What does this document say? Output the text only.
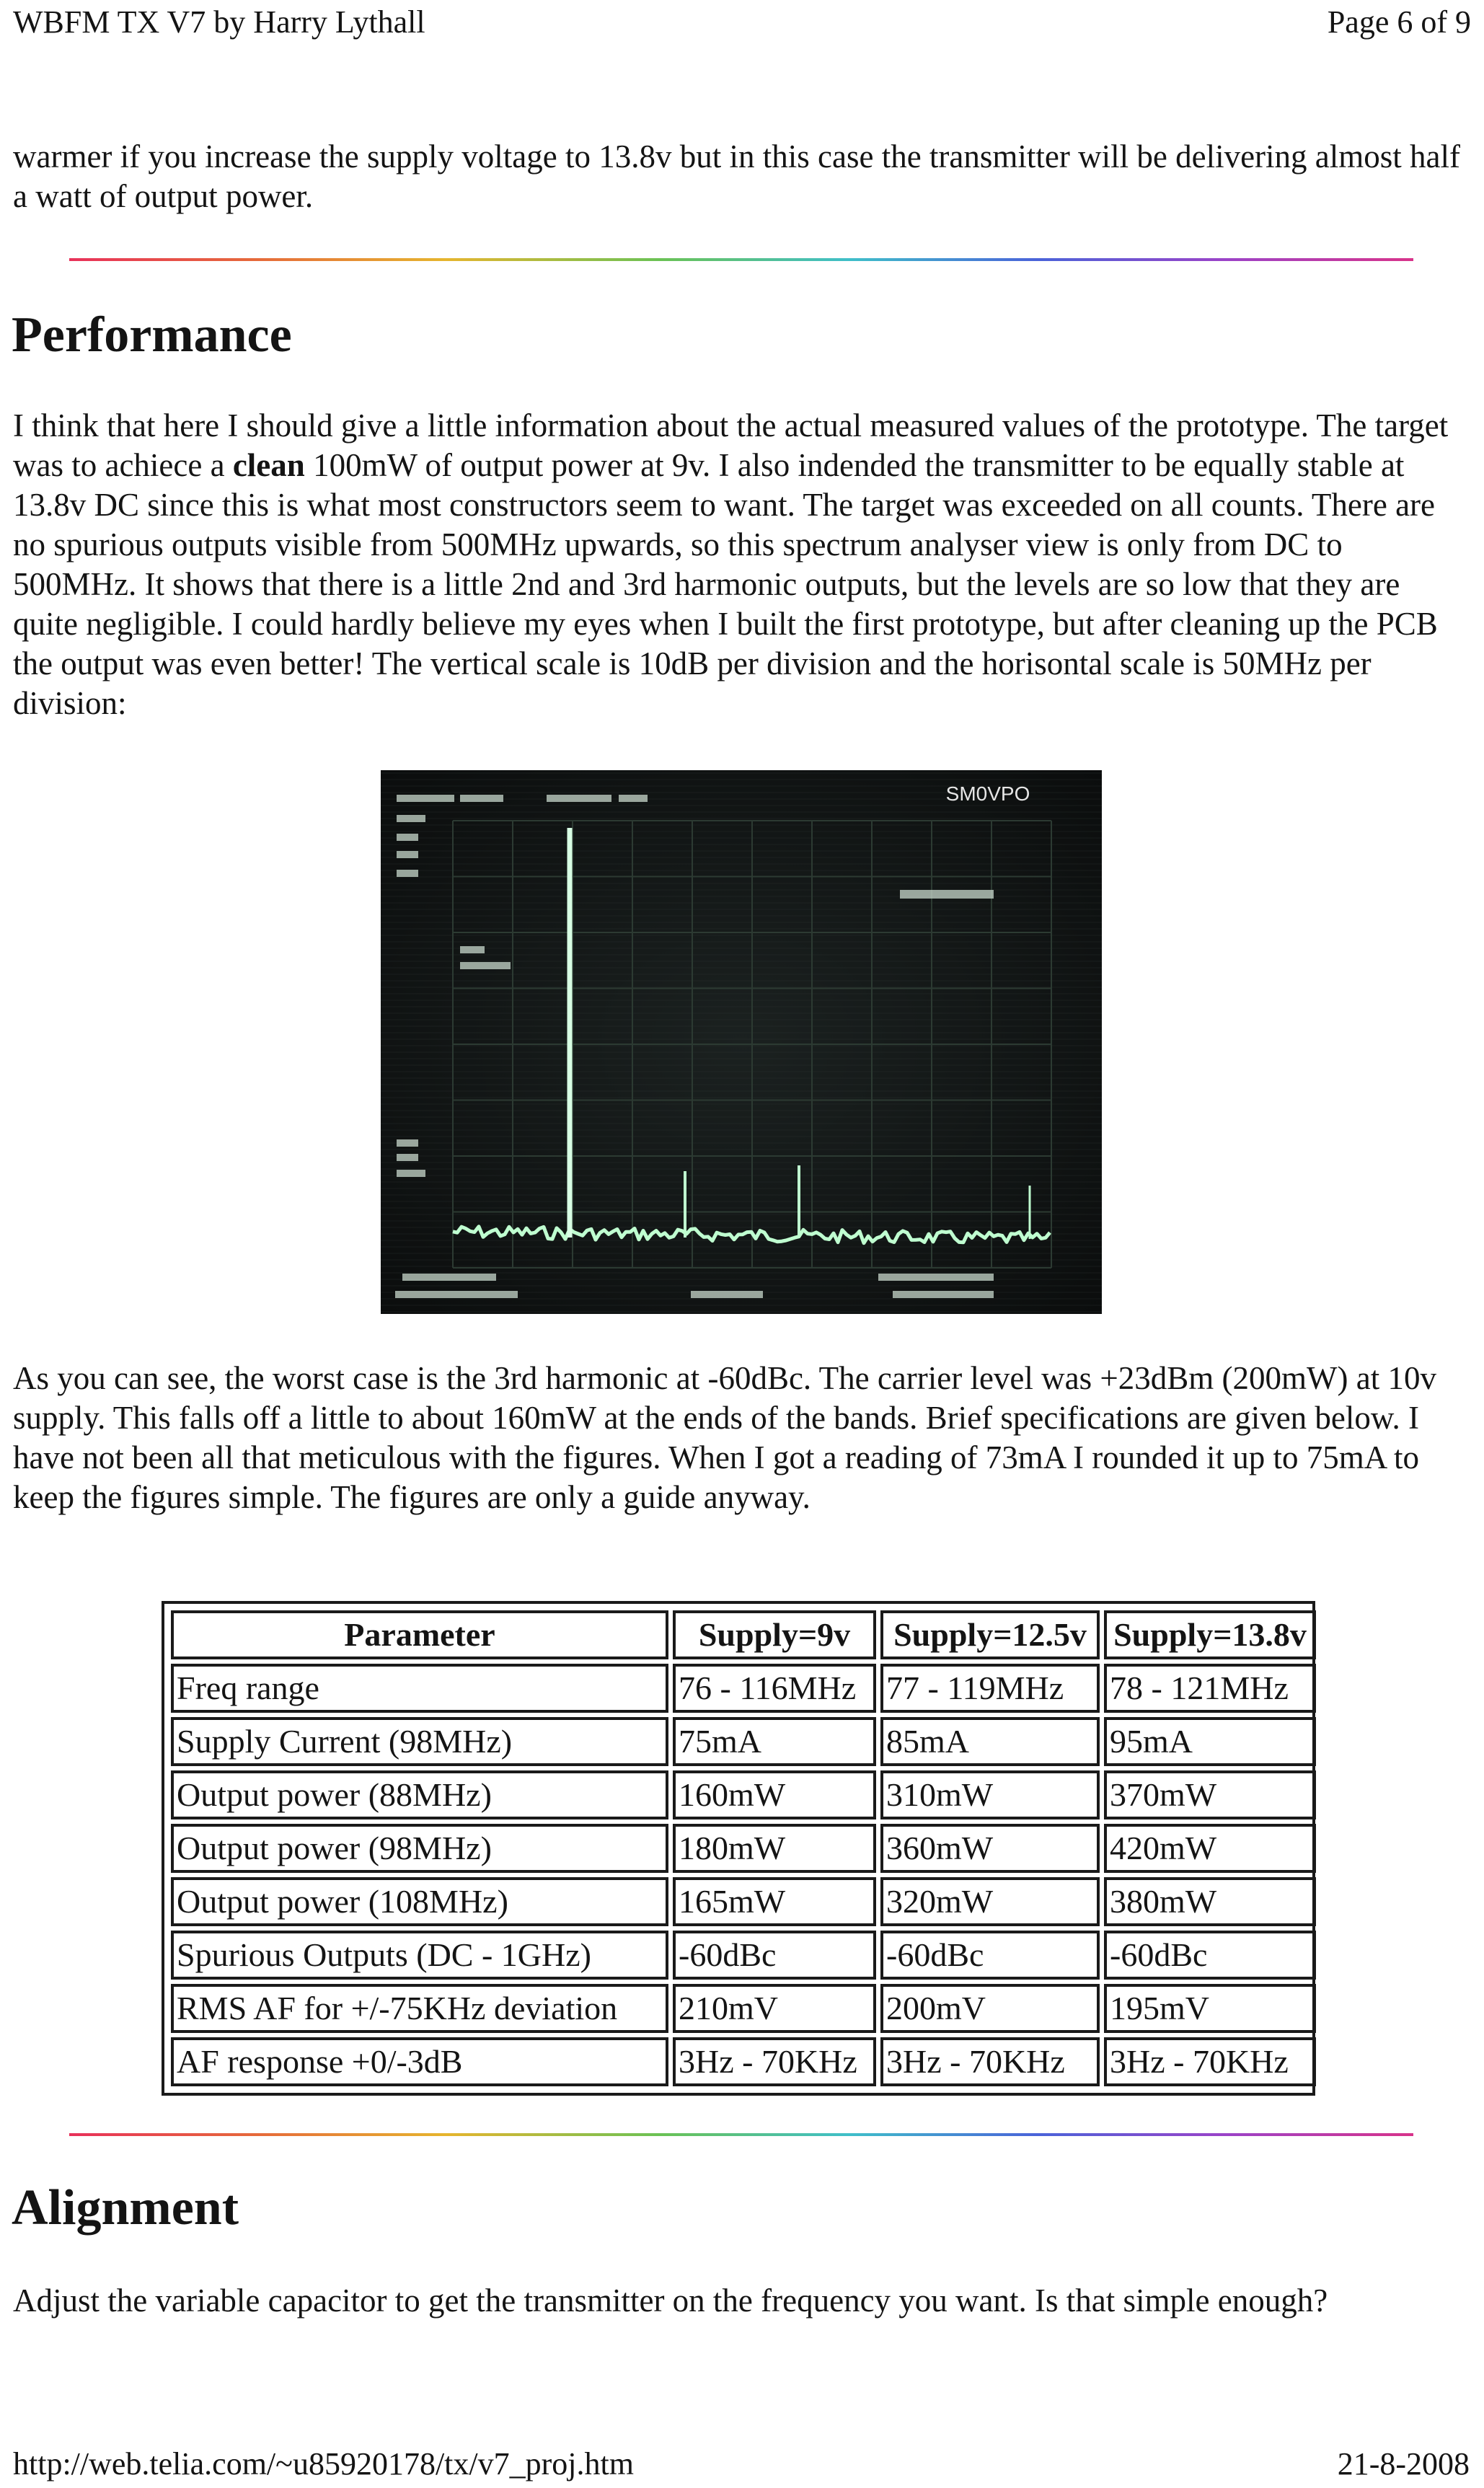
WBFM TX V7 by Harry Lythall	Page 6 of 9

warmer if you increase the supply voltage to 13.8v but in this case the transmitter will be delivering almost half a watt of output power.

Performance

I think that here I should give a little information about the actual measured values of the prototype. The target was to achiece a clean 100mW of output power at 9v. I also indended the transmitter to be equally stable at 13.8v DC since this is what most constructors seem to want. The target was exceeded on all counts. There are no spurious outputs visible from 500MHz upwards, so this spectrum analyser view is only from DC to 500MHz. It shows that there is a little 2nd and 3rd harmonic outputs, but the levels are so low that they are quite negligible. I could hardly believe my eyes when I built the first prototype, but after cleaning up the PCB the output was even better! The vertical scale is 10dB per division and the horisontal scale is 50MHz per division:

SM0VPO

As you can see, the worst case is the 3rd harmonic at -60dBc. The carrier level was +23dBm (200mW) at 10v supply. This falls off a little to about 160mW at the ends of the bands. Brief specifications are given below. I have not been all that meticulous with the figures. When I got a reading of 73mA I rounded it up to 75mA to keep the figures simple. The figures are only a guide anyway.

Parameter	Supply=9v	Supply=12.5v	Supply=13.8v
Freq range	76 - 116MHz	77 - 119MHz	78 - 121MHz
Supply Current (98MHz)	75mA	85mA	95mA
Output power (88MHz)	160mW	310mW	370mW
Output power (98MHz)	180mW	360mW	420mW
Output power (108MHz)	165mW	320mW	380mW
Spurious Outputs (DC - 1GHz)	-60dBc	-60dBc	-60dBc
RMS AF for +/-75KHz deviation	210mV	200mV	195mV
AF response +0/-3dB	3Hz - 70KHz	3Hz - 70KHz	3Hz - 70KHz
Alignment

Adjust the variable capacitor to get the transmitter on the frequency you want. Is that simple enough?

http://web.telia.com/~u85920178/tx/v7_proj.htm	21-8-2008
